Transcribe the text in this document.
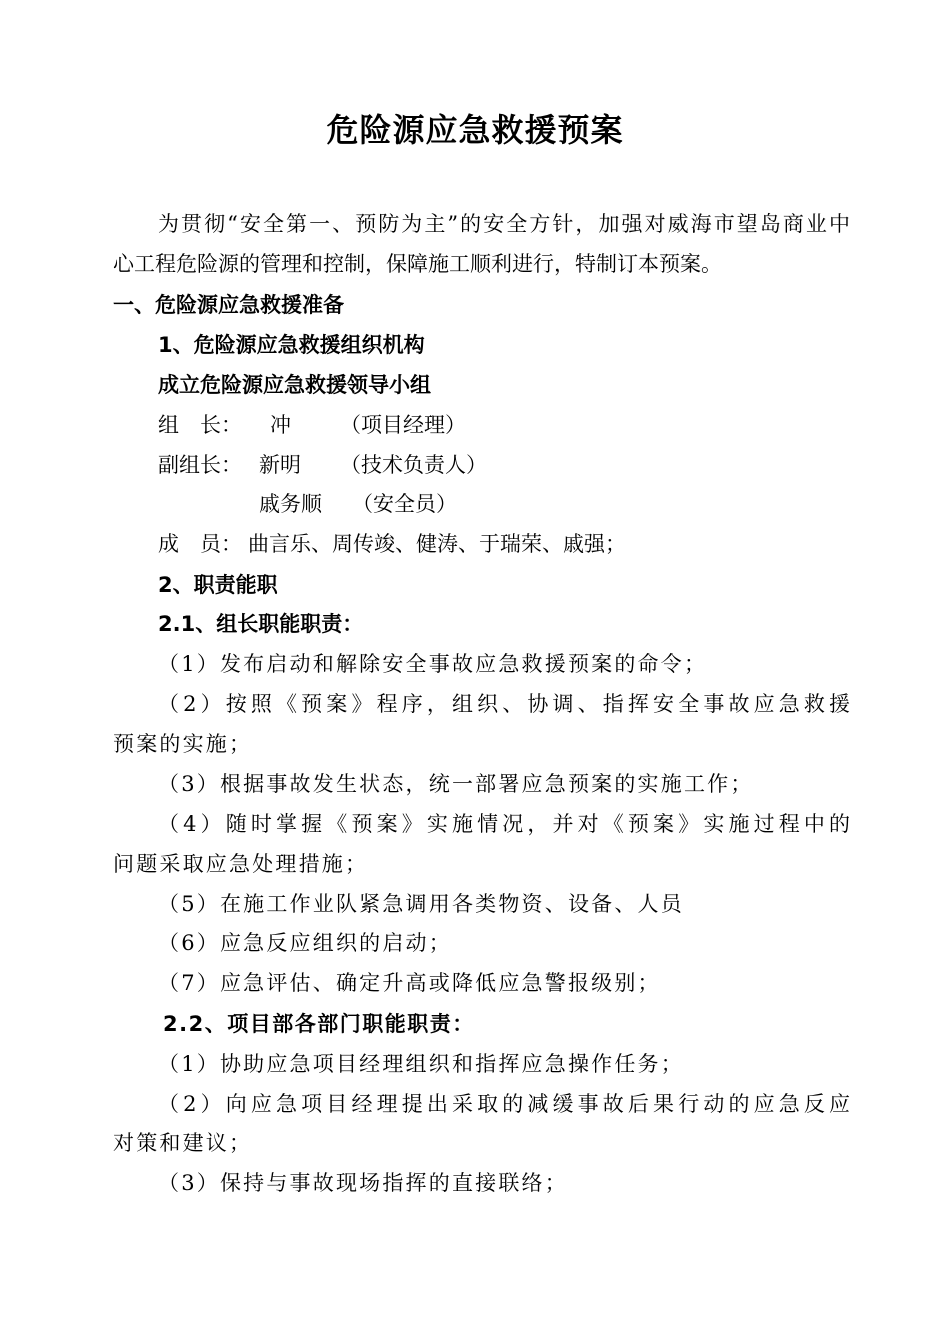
危险源应急救援预案
为贯彻“安全第一、预防为主”的安全方针，加强对威海市望岛商业中
心工程危险源的管理和控制，保障施工顺利进行，特制订本预案。
一、危险源应急救援准备
1、危险源应急救援组织机构
成立危险源应急救援领导小组
组　长： 冲 （项目经理）
副组长： 新明 （技术负责人）
戚务顺 （安全员）
成　员： 曲言乐、周传竣、健涛、于瑞荣、戚强；
2、职责能职
2.1、组长职能职责：
（1）发布启动和解除安全事故应急救援预案的命令；
（2）按照《预案》程序，组织、协调、指挥安全事故应急救援
预案的实施；
（3）根据事故发生状态，统一部署应急预案的实施工作；
（4）随时掌握《预案》实施情况，并对《预案》实施过程中的
问题采取应急处理措施；
（5）在施工作业队紧急调用各类物资、设备、人员
（6）应急反应组织的启动；
（7）应急评估、确定升高或降低应急警报级别；
2.2、项目部各部门职能职责：
（1）协助应急项目经理组织和指挥应急操作任务；
（2）向应急项目经理提出采取的减缓事故后果行动的应急反应
对策和建议；
（3）保持与事故现场指挥的直接联络；
